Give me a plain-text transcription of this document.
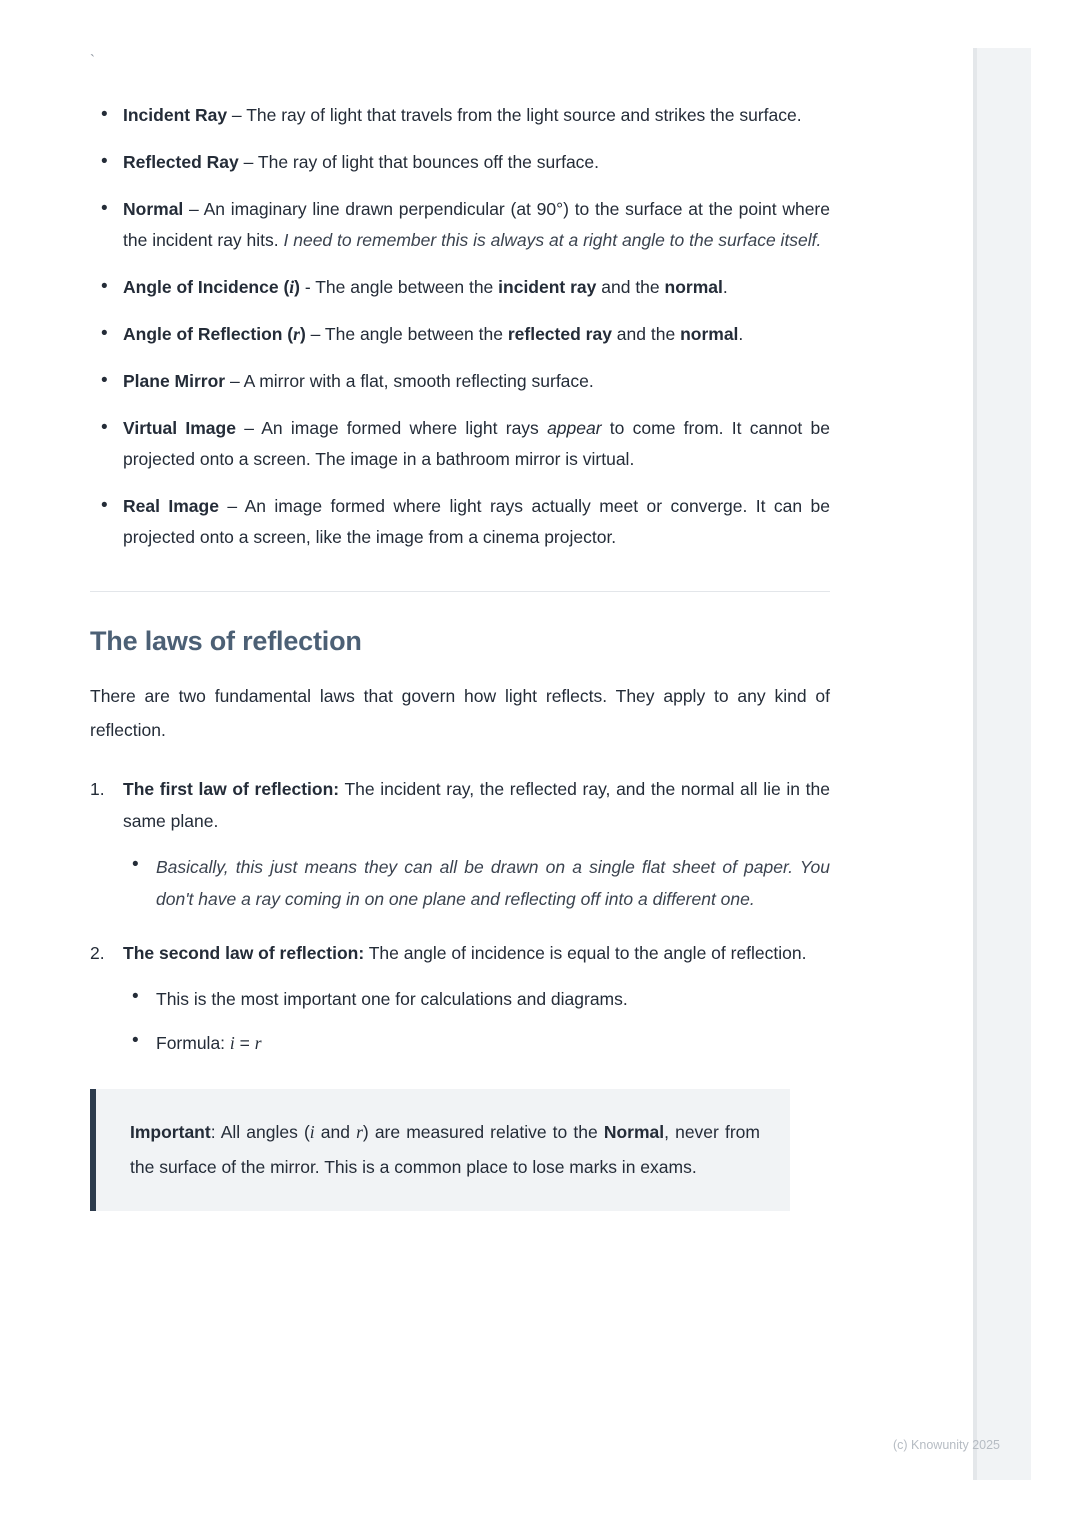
`
• Incident Ray – The ray of light that travels from the light source and strikes the surface.
• Reflected Ray – The ray of light that bounces off the surface.
• Normal – An imaginary line drawn perpendicular (at 90°) to the surface at the point where the incident ray hits. I need to remember this is always at a right angle to the surface itself.
• Angle of Incidence (i) - The angle between the incident ray and the normal.
• Angle of Reflection (r) – The angle between the reflected ray and the normal.
• Plane Mirror – A mirror with a flat, smooth reflecting surface.
• Virtual Image – An image formed where light rays appear to come from. It cannot be projected onto a screen. The image in a bathroom mirror is virtual.
• Real Image – An image formed where light rays actually meet or converge. It can be projected onto a screen, like the image from a cinema projector.
The laws of reflection

There are two fundamental laws that govern how light reflects. They apply to any kind of reflection.

The first law of reflection: The incident ray, the reflected ray, and the normal all lie in the same plane.
• Basically, this just means they can all be drawn on a single flat sheet of paper. You don't have a ray coming in on one plane and reflecting off into a different one.
The second law of reflection: The angle of incidence is equal to the angle of reflection.
• This is the most important one for calculations and diagrams.
• Formula: i = r

Important: All angles (i and r) are measured relative to the Normal, never from the surface of the mirror. This is a common place to lose marks in exams.

(c) Knowunity 2025
